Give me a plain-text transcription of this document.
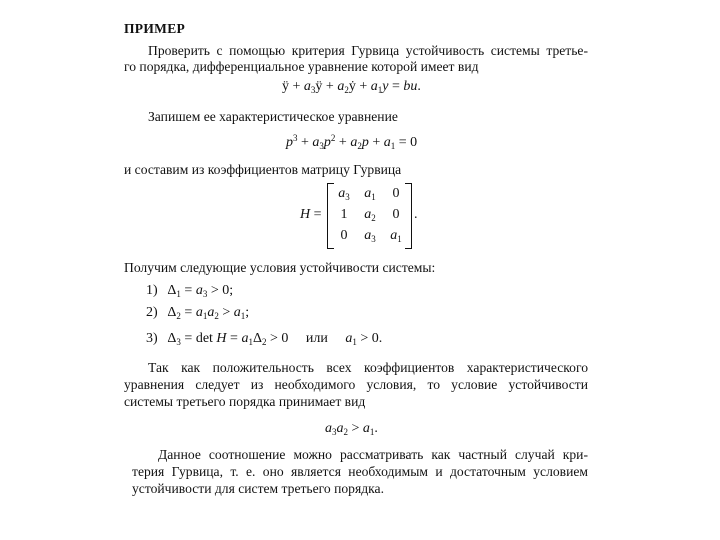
ПРИМЕР
Проверить с помощью критерия Гурвица устойчивость системы третье-
го порядка, дифференциальное уравнение которой имеет вид
ÿ + $a_3ÿ$ + $a_2ẏ + a_1y$ = bu.
Запишем ее характеристическое уравнение
$p^3 + a_3p^2 + a_2p + a_1 = 0$
и составим из коэффициентов матрицу Гурвица
H =
$a_3$	$a_1$	0
1	$a_2$	0
0	$a_3$	$a_1$
.
Получим следующие условия устойчивости системы:
1) $\Delta_1 = a_3 > 0$;
2) $\Delta_2 = a_1a_2 > a_1$;
3) $\Delta_3 = \det H = a_1\Delta_2 > 0$ или $a_1 > 0$.
Так как положительность всех коэффициентов характеристического
уравнения следует из необходимого условия, то условие устойчивости
системы третьего порядка принимает вид
$a_3a_2 > a_1$.
Данное соотношение можно рассматривать как частный случай кри-
терия Гурвица, т. е. оно является необходимым и достаточным условием
устойчивости для систем третьего порядка.
